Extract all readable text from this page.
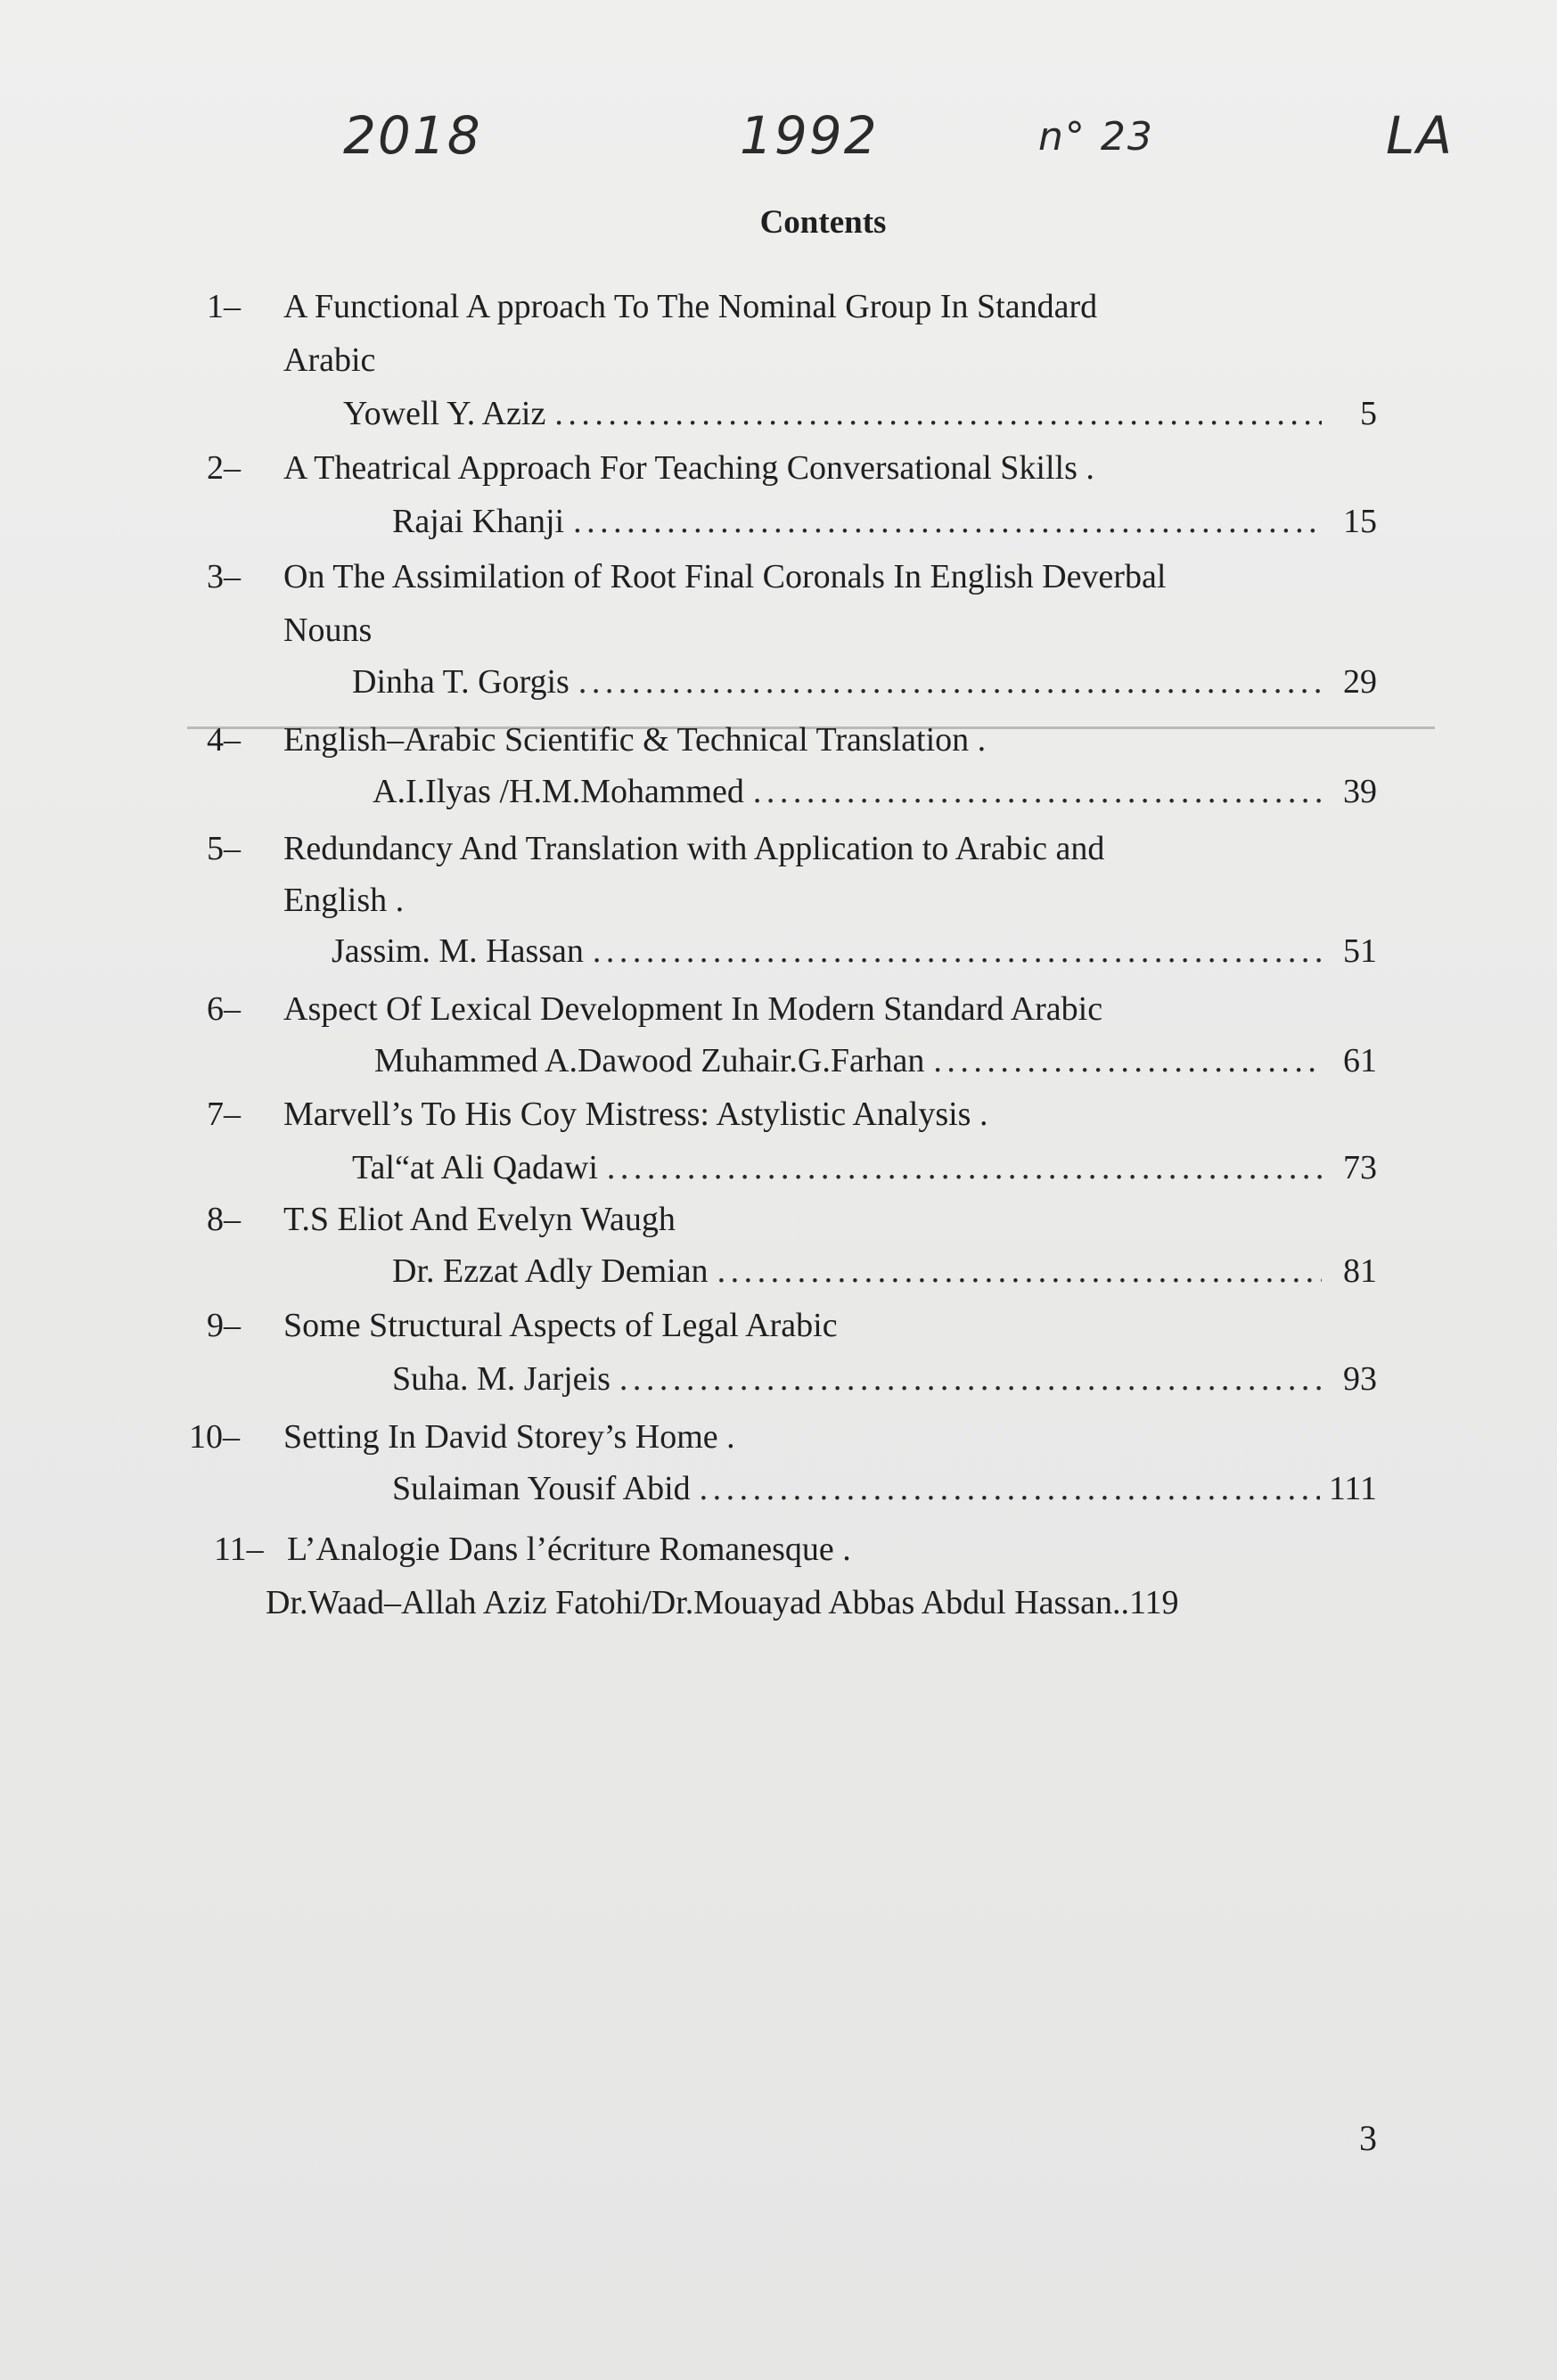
2018	1992	n° 23	LA
Contents
1– A Functional A pproach To The Nominal Group In Standard
Arabic
Yowell Y. Aziz . . .	5
2– A Theatrical Approach For Teaching Conversational Skills .
Rajai Khanji . . .	15
3– On The Assimilation of Root Final Coronals In English Deverbal
Nouns
Dinha T. Gorgis . . .	29
4– English–Arabic Scientific & Technical Translation .
A.I.Ilyas /H.M.Mohammed . . .	39
5– Redundancy And Translation with Application to Arabic and
English .
Jassim. M. Hassan . . .	51
6– Aspect Of Lexical Development In Modern Standard Arabic
Muhammed A.Dawood Zuhair.G.Farhan . . .	61
7– Marvell’s To His Coy Mistress: Astylistic Analysis .
Tal“at Ali Qadawi . . .	73
8– T.S Eliot And Evelyn Waugh
Dr. Ezzat Adly Demian . . .	81
9– Some Structural Aspects of Legal Arabic
Suha. M. Jarjeis . . .	93
10– Setting In David Storey’s Home .
Sulaiman Yousif Abid . . .	111
11– L’Analogie Dans l’écriture Romanesque .
Dr.Waad–Allah Aziz Fatohi/Dr.Mouayad Abbas Abdul Hassan.. 119
3
